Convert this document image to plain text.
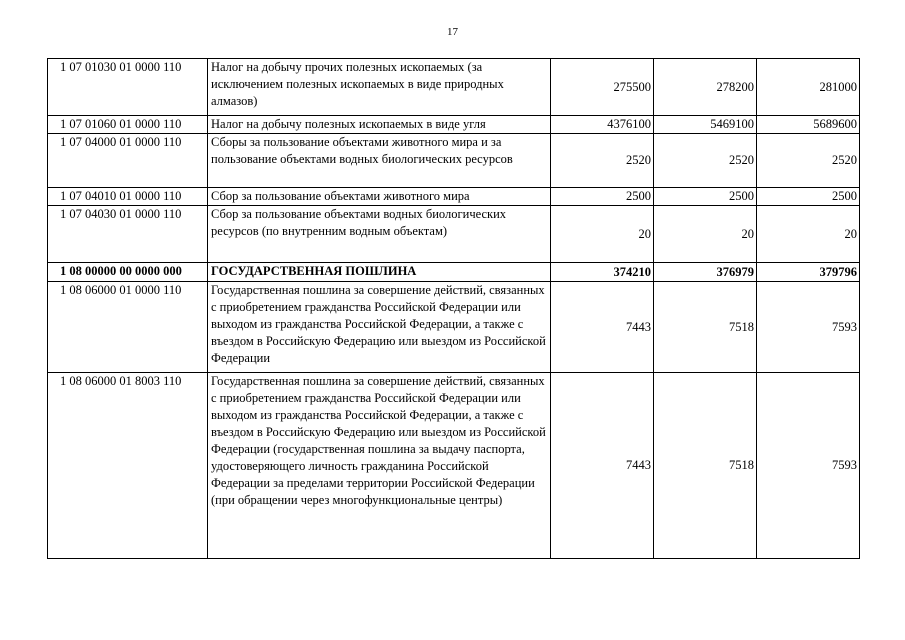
17
1 07 01030 01 0000 110	Налог на добычу прочих полезных ископаемых (за исключением полезных ископаемых в виде природных алмазов)	275500	278200	281000
1 07 01060 01 0000 110	Налог на добычу полезных ископаемых в виде угля	4376100	5469100	5689600
1 07 04000 01 0000 110	Сборы за пользование объектами животного мира и за пользование объектами водных биологических ресурсов	2520	2520	2520
1 07 04010 01 0000 110	Сбор за пользование объектами животного мира	2500	2500	2500
1 07 04030 01 0000 110	Сбор за пользование объектами водных биологических ресурсов (по внутренним водным объектам)	20	20	20
1 08 00000 00 0000 000	ГОСУДАРСТВЕННАЯ ПОШЛИНА	374210	376979	379796
1 08 06000 01 0000 110	Государственная пошлина за совершение действий, связанных с приобретением гражданства Российской Федерации или выходом из гражданства Российской Федерации, а также с въездом в Российскую Федерацию или выездом из Российской Федерации	7443	7518	7593
1 08 06000 01 8003 110	Государственная пошлина за совершение действий, связанных с приобретением гражданства Российской Федерации или выходом из гражданства Российской Федерации, а также с въездом в Российскую Федерацию или выездом из Российской Федерации (государственная пошлина за выдачу паспорта, удостоверяющего личность гражданина Российской Федерации за пределами территории Российской Федерации (при обращении через многофункциональные центры)	7443	7518	7593
